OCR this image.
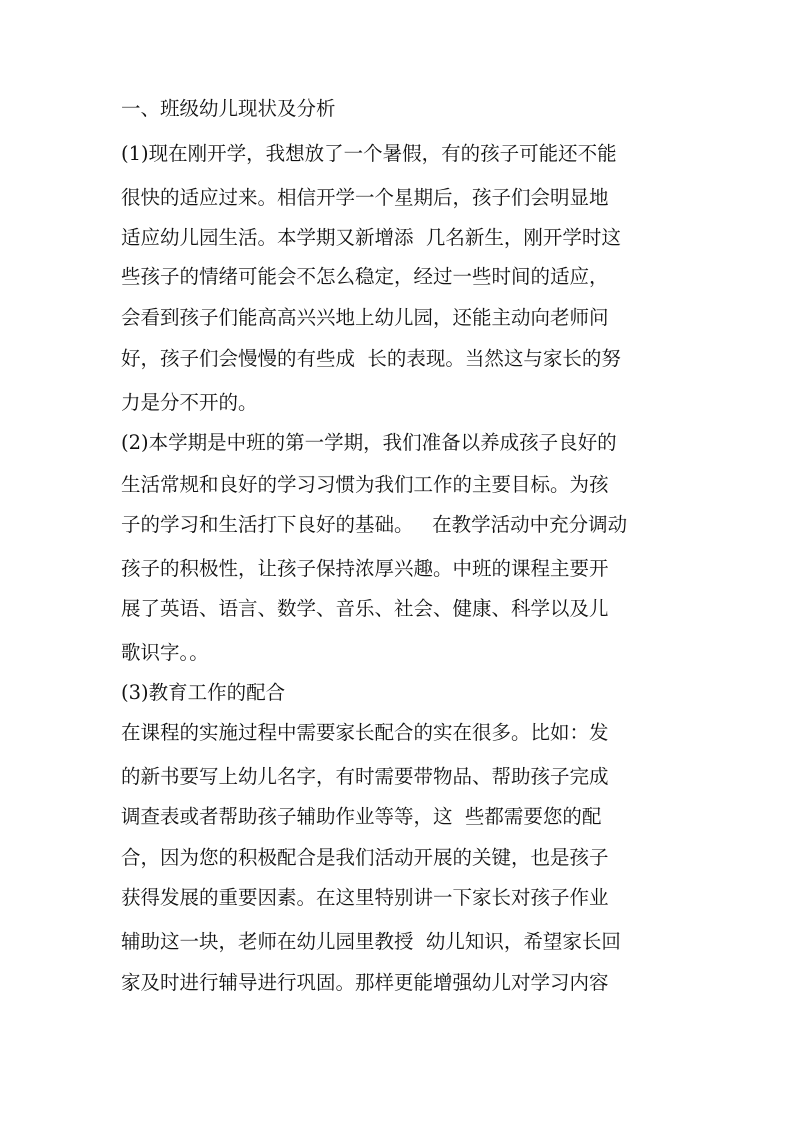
一、班级幼儿现状及分析

(1)现在刚开学，我想放了一个暑假，有的孩子可能还不能

很快的适应过来。相信开学一个星期后，孩子们会明显地

适应幼儿园生活。本学期又新增添  几名新生，刚开学时这

些孩子的情绪可能会不怎么稳定，经过一些时间的适应，

会看到孩子们能高高兴兴地上幼儿园，还能主动向老师问

好，孩子们会慢慢的有些成  长的表现。当然这与家长的努

力是分不开的。

(2)本学期是中班的第一学期，我们准备以养成孩子良好的

生活常规和良好的学习习惯为我们工作的主要目标。为孩

子的学习和生活打下良好的基础。   在教学活动中充分调动

孩子的积极性，让孩子保持浓厚兴趣。中班的课程主要开

展了英语、语言、数学、音乐、社会、健康、科学以及儿

歌识字。。

(3)教育工作的配合

在课程的实施过程中需要家长配合的实在很多。比如：发

的新书要写上幼儿名字，有时需要带物品、帮助孩子完成

调查表或者帮助孩子辅助作业等等，这  些都需要您的配

合，因为您的积极配合是我们活动开展的关键，也是孩子

获得发展的重要因素。在这里特别讲一下家长对孩子作业

辅助这一块，老师在幼儿园里教授  幼儿知识，希望家长回

家及时进行辅导进行巩固。那样更能增强幼儿对学习内容
